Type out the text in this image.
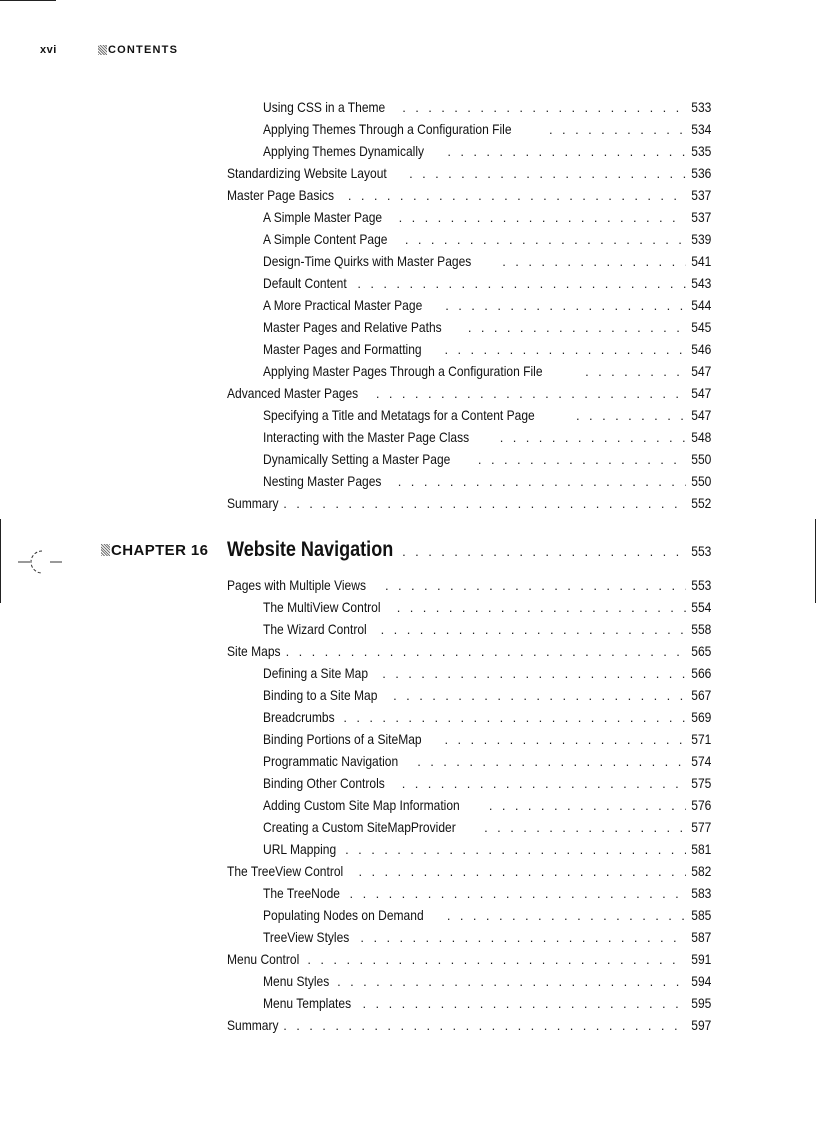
xvi	CONTENTS
Using CSS in a Theme . . .	533
Applying Themes Through a Configuration File . . .	534
Applying Themes Dynamically . . .	535
Standardizing Website Layout . . .	536
Master Page Basics . . .	537
A Simple Master Page . . .	537
A Simple Content Page . . .	539
Design-Time Quirks with Master Pages . . .	541
Default Content . . .	543
A More Practical Master Page . . .	544
Master Pages and Relative Paths . . .	545
Master Pages and Formatting . . .	546
Applying Master Pages Through a Configuration File . . .	547
Advanced Master Pages . . .	547
Specifying a Title and Metatags for a Content Page . . .	547
Interacting with the Master Page Class . . .	548
Dynamically Setting a Master Page . . .	550
Nesting Master Pages . . .	550
Summary . . .	552
CHAPTER 16 Website Navigation . . .	553
Pages with Multiple Views . . .	553
The MultiView Control . . .	554
The Wizard Control . . .	558
Site Maps . . .	565
Defining a Site Map . . .	566
Binding to a Site Map . . .	567
Breadcrumbs . . .	569
Binding Portions of a SiteMap . . .	571
Programmatic Navigation . . .	574
Binding Other Controls . . .	575
Adding Custom Site Map Information . . .	576
Creating a Custom SiteMapProvider . . .	577
URL Mapping . . .	581
The TreeView Control . . .	582
The TreeNode . . .	583
Populating Nodes on Demand . . .	585
TreeView Styles . . .	587
Menu Control . . .	591
Menu Styles . . .	594
Menu Templates . . .	595
Summary . . .	597
